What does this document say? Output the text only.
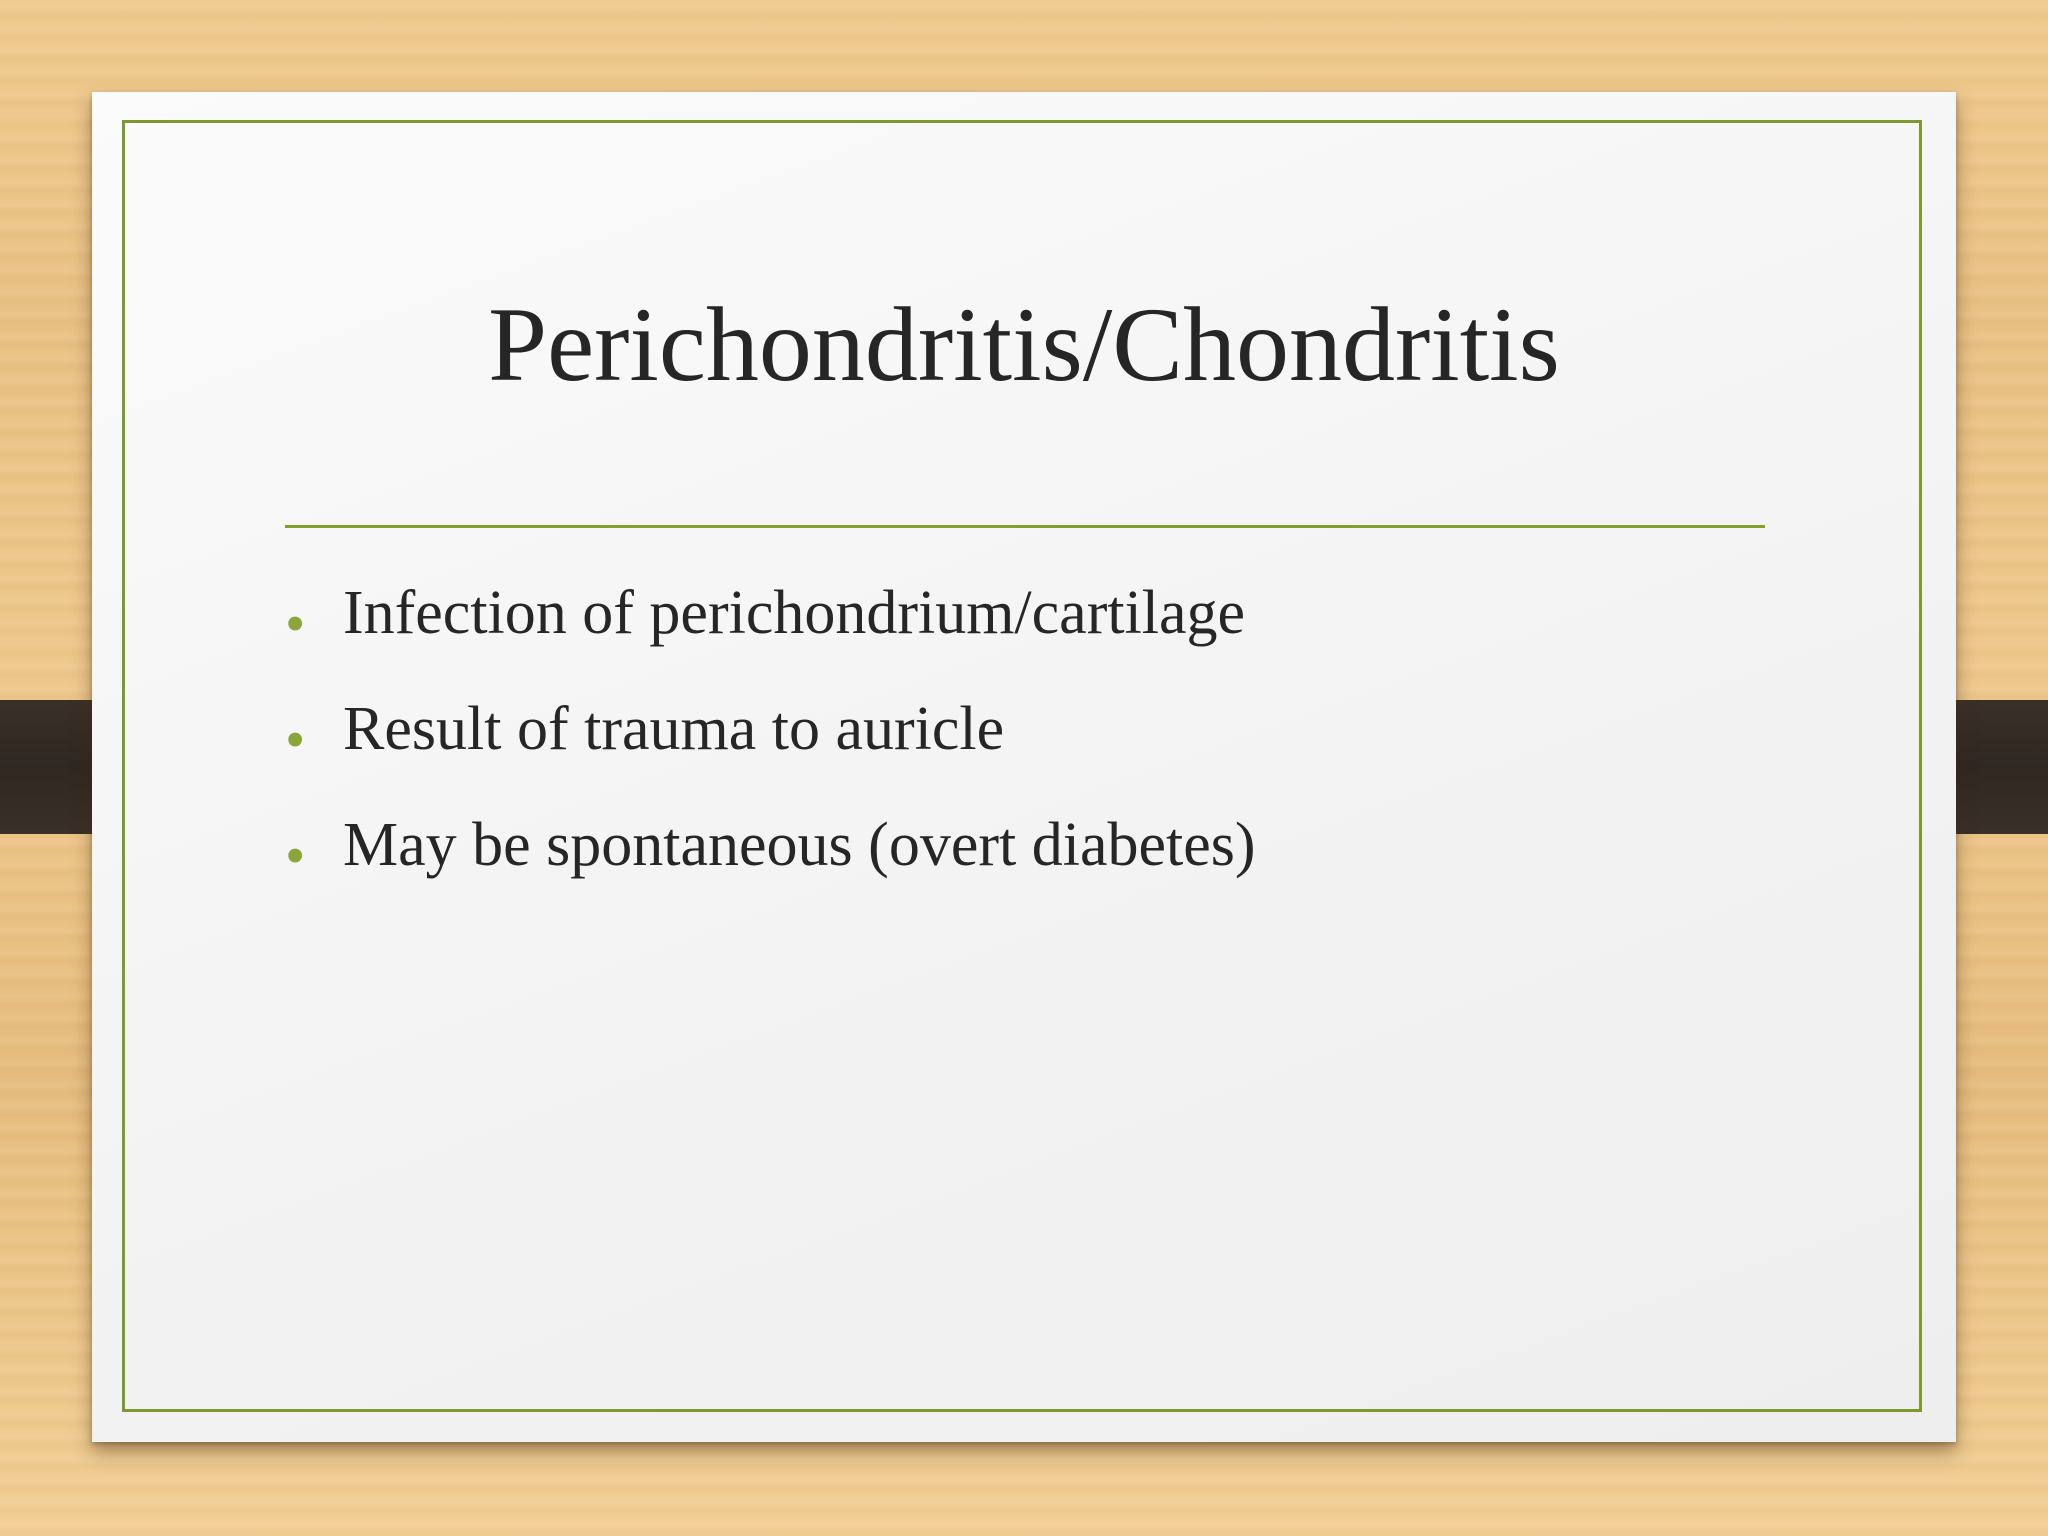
Perichondritis/Chondritis
• Infection of perichondrium/cartilage
• Result of trauma to auricle
• May be spontaneous (overt diabetes)
